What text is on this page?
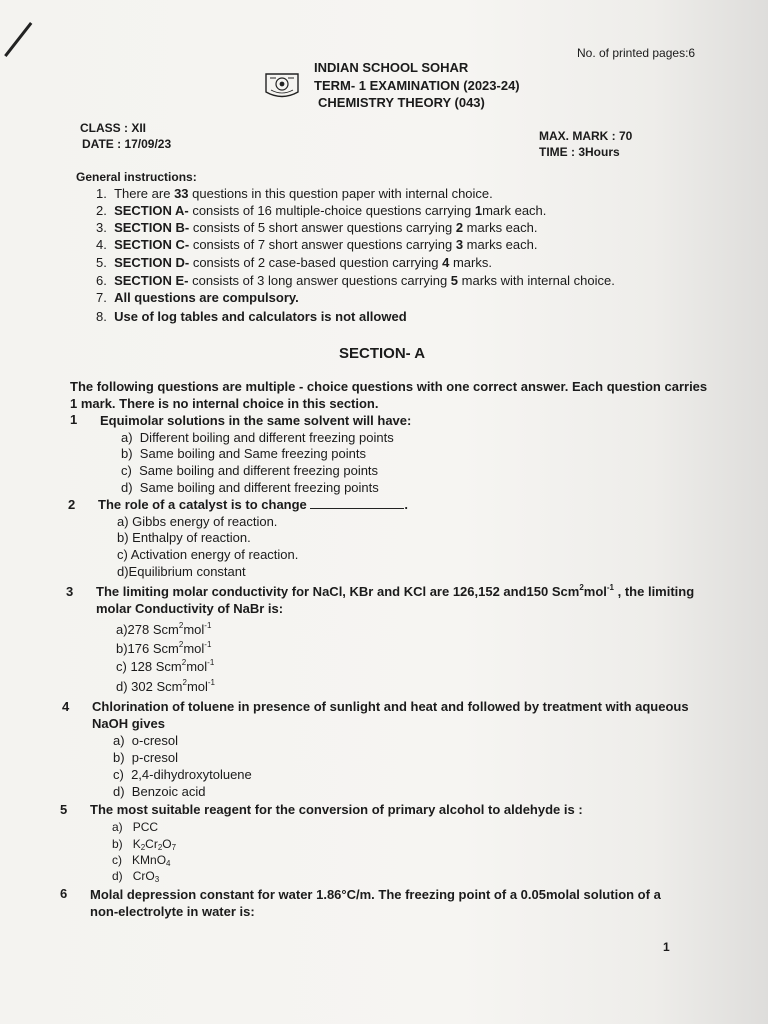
No. of printed pages:6
INDIAN SCHOOL SOHAR
TERM- 1 EXAMINATION (2023-24)
CHEMISTRY THEORY (043)
CLASS : XII
DATE : 17/09/23
MAX. MARK : 70
TIME : 3Hours
General instructions:
1. There are 33 questions in this question paper with internal choice.
2. SECTION A- consists of 16 multiple-choice questions carrying 1mark each.
3. SECTION B- consists of 5 short answer questions carrying 2 marks each.
4. SECTION C- consists of 7 short answer questions carrying 3 marks each.
5. SECTION D- consists of 2 case-based question carrying 4 marks.
6. SECTION E- consists of 3 long answer questions carrying 5 marks with internal choice.
7. All questions are compulsory.
8. Use of log tables and calculators is not allowed
SECTION- A
The following questions are multiple - choice questions with one correct answer. Each question carries
1 mark. There is no internal choice in this section.
1 Equimolar solutions in the same solvent will have:
a) Different boiling and different freezing points
b) Same boiling and Same freezing points
c) Same boiling and different freezing points
d) Same boiling and different freezing points
2 The role of a catalyst is to change	.
a) Gibbs energy of reaction.
b) Enthalpy of reaction.
c) Activation energy of reaction.
d)Equilibrium constant
3 The limiting molar conductivity for NaCl, KBr and KCl are 126,152 and150 Scm$^2$mol$^{-1}$ , the limiting
molar Conductivity of NaBr is:
a)278 Scm$^2$mol$^{-1}$
b)176 Scm$^2$mol$^{-1}$
c) 128 Scm$^2$mol$^{-1}$
d) 302 Scm$^2$mol$^{-1}$
4 Chlorination of toluene in presence of sunlight and heat and followed by treatment with aqueous
NaOH gives
a) o-cresol
b) p-cresol
c) 2,4-dihydroxytoluene
d) Benzoic acid
5 The most suitable reagent for the conversion of primary alcohol to aldehyde is :
a) PCC
b) $K_2Cr_2O_7$
c) KMnO$_4$
d) CrO$_3$
6 Molal depression constant for water 1.86°C/m. The freezing point of a 0.05molal solution of a
non-electrolyte in water is:
1
